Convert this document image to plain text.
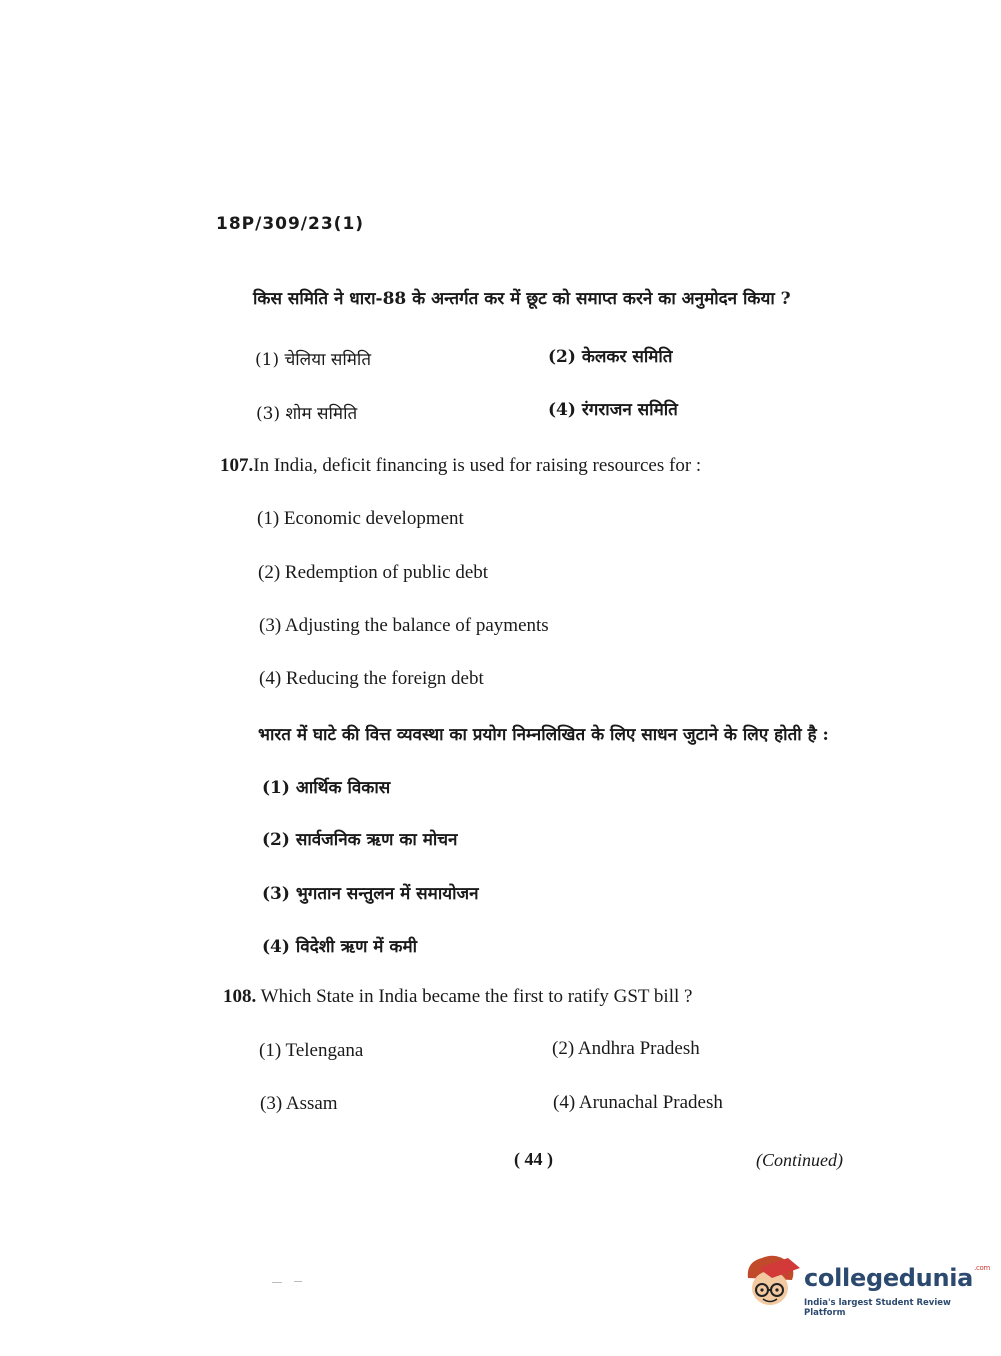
18P/309/23(1)
किस समिति ने धारा-88 के अन्तर्गत कर में छूट को समाप्त करने का अनुमोदन किया ?
(1) चेलिया समिति	(2) केलकर समिति
(3) शोम समिति	(4) रंगराजन समिति
107.In India, deficit financing is used for raising resources for :
(1) Economic development
(2) Redemption of public debt
(3) Adjusting the balance of payments
(4) Reducing the foreign debt
भारत में घाटे की वित्त व्यवस्था का प्रयोग निम्नलिखित के लिए साधन जुटाने के लिए होती है :
(1) आर्थिक विकास
(2) सार्वजनिक ऋण का मोचन
(3) भुगतान सन्तुलन में समायोजन
(4) विदेशी ऋण में कमी
108. Which State in India became the first to ratify GST bill ?
(1) Telengana	(2) Andhra Pradesh
(3) Assam	(4) Arunachal Pradesh
( 44 )	(Continued)
collegedunia$^{.com}$
India's largest Student Review Platform
